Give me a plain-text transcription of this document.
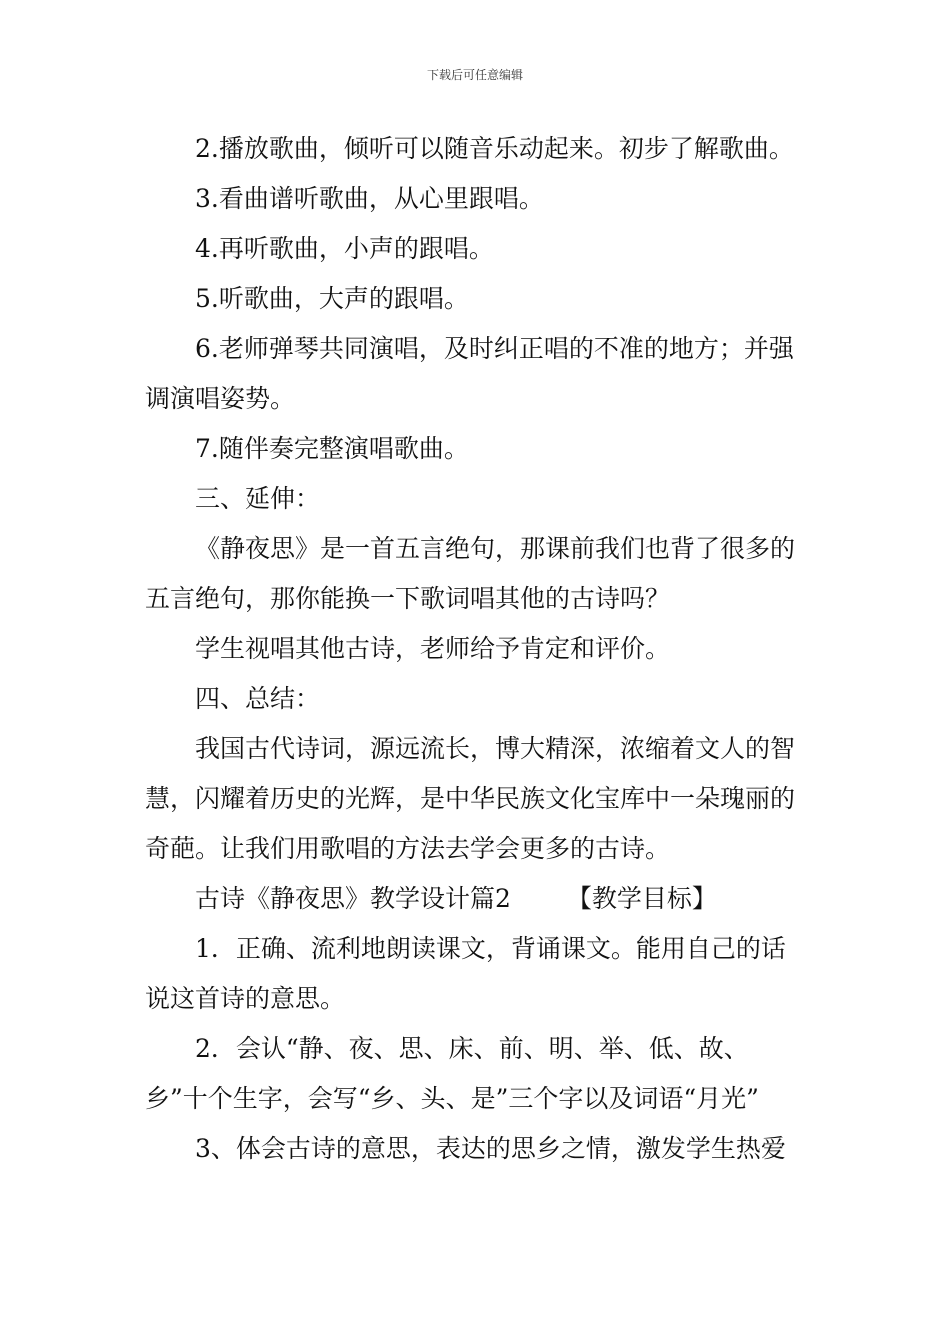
下载后可任意编辑

2.播放歌曲，倾听可以随音乐动起来。初步了解歌曲。

3.看曲谱听歌曲，从心里跟唱。

4.再听歌曲，小声的跟唱。

5.听歌曲，大声的跟唱。

6.老师弹琴共同演唱，及时纠正唱的不准的地方；并强调演唱姿势。

7.随伴奏完整演唱歌曲。

三、延伸：

《静夜思》是一首五言绝句，那课前我们也背了很多的五言绝句，那你能换一下歌词唱其他的古诗吗？

学生视唱其他古诗，老师给予肯定和评价。

四、总结：

我国古代诗词，源远流长，博大精深，浓缩着文人的智慧，闪耀着历史的光辉，是中华民族文化宝库中一朵瑰丽的奇葩。让我们用歌唱的方法去学会更多的古诗。

古诗《静夜思》教学设计篇2 【教学目标】

1．正确、流利地朗读课文，背诵课文。能用自己的话说这首诗的意思。

2．会认“静、夜、思、床、前、明、举、低、故、乡”十个生字，会写“乡、头、是”三个字以及词语“月光”

3、体会古诗的意思，表达的思乡之情，激发学生热爱
